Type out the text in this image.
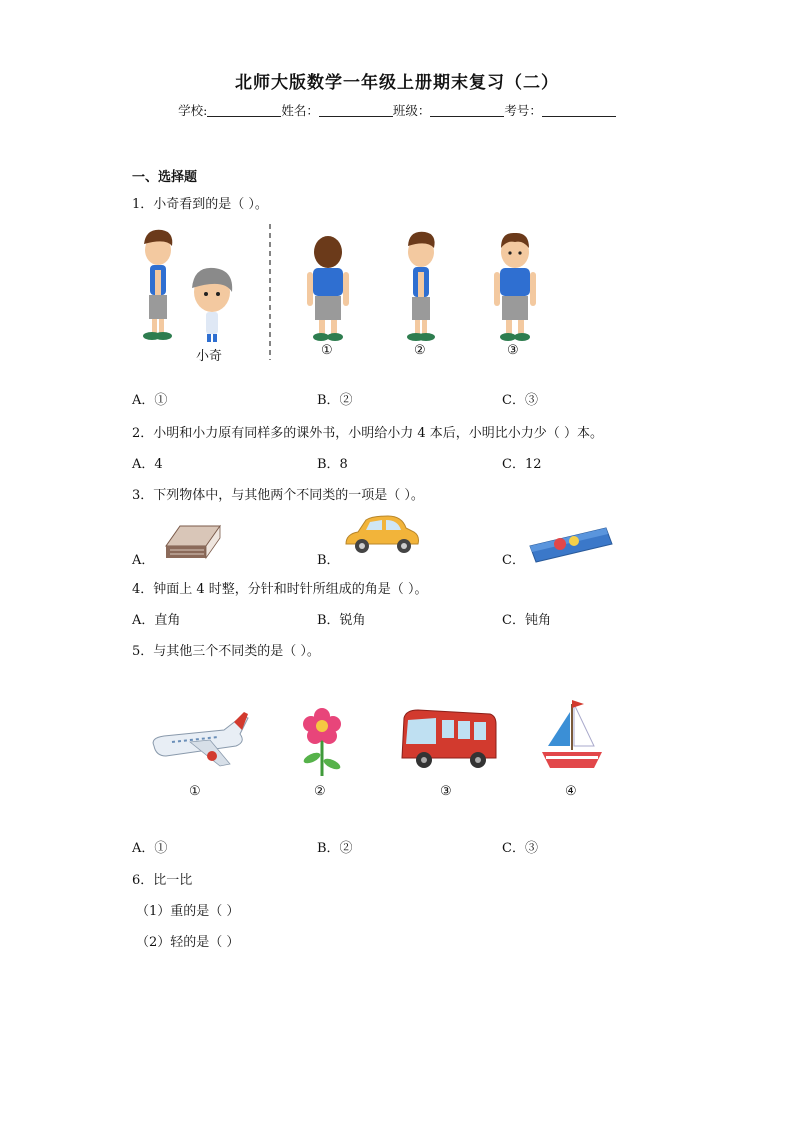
北师大版数学一年级上册期末复习（二）
学校:	姓名：	班级：	考号：
一、选择题
1．小奇看到的是（ ）。
小奇	①	②	③
A．①	B．②	C．③
2．小明和小力原有同样多的课外书，小明给小力 4 本后，小明比小力少（ ）本。
A．4	B．8	C．12
3．下列物体中，与其他两个不同类的一项是（ ）。
A．	B．	C．
4．钟面上 4 时整，分针和时针所组成的角是（ ）。
A．直角	B．锐角	C．钝角
5．与其他三个不同类的是（ ）。
①	②	③	④
A．①	B．②	C．③
6．比一比
（1）重的是（ ）
（2）轻的是（ ）
